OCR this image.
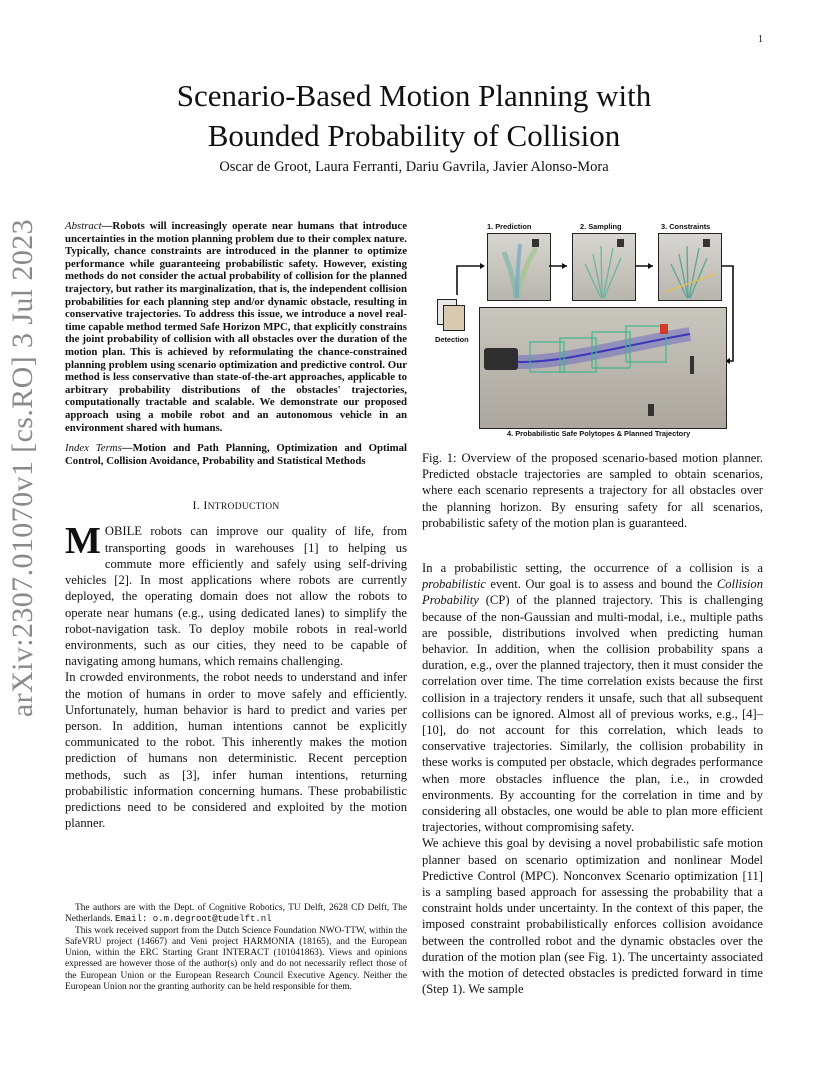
1
arXiv:2307.01070v1 [cs.RO] 3 Jul 2023
Scenario-Based Motion Planning with
Bounded Probability of Collision
Oscar de Groot, Laura Ferranti, Dariu Gavrila, Javier Alonso-Mora
Abstract—Robots will increasingly operate near humans that introduce uncertainties in the motion planning problem due to their complex nature. Typically, chance constraints are introduced in the planner to optimize performance while guaranteeing probabilistic safety. However, existing methods do not consider the actual probability of collision for the planned trajectory, but rather its marginalization, that is, the independent collision probabilities for each planning step and/or dynamic obstacle, resulting in conservative trajectories. To address this issue, we introduce a novel real-time capable method termed Safe Horizon MPC, that explicitly constrains the joint probability of collision with all obstacles over the duration of the motion plan. This is achieved by reformulating the chance-constrained planning problem using scenario optimization and predictive control. Our method is less conservative than state-of-the-art approaches, applicable to arbitrary probability distributions of the obstacles' trajectories, computationally tractable and scalable. We demonstrate our proposed approach using a mobile robot and an autonomous vehicle in an environment shared with humans.
Index Terms—Motion and Path Planning, Optimization and Optimal Control, Collision Avoidance, Probability and Statistical Methods
I. INTRODUCTION

MOBILE robots can improve our quality of life, from transporting goods in warehouses [1] to helping us commute more efficiently and safely using self-driving vehicles [2]. In most applications where robots are currently deployed, the operating domain does not allow the robots to operate near humans (e.g., using dedicated lanes) to simplify the robot-navigation task. To deploy mobile robots in real-world environments, such as our cities, they need to be capable of navigating among humans, which remains challenging.

In crowded environments, the robot needs to understand and infer the motion of humans in order to move safely and efficiently. Unfortunately, human behavior is hard to predict and varies per person. In addition, human intentions cannot be explicitly communicated to the robot. This inherently makes the motion prediction of humans non deterministic. Recent perception methods, such as [3], infer human intentions, returning probabilistic information concerning humans. These probabilistic predictions need to be considered and exploited by the motion planner.

The authors are with the Dept. of Cognitive Robotics, TU Delft, 2628 CD Delft, The Netherlands. Email: o.m.degroot@tudelft.nl

This work received support from the Dutch Science Foundation NWO-TTW, within the SafeVRU project (14667) and Veni project HARMONIA (18165), and the European Union, within the ERC Starting Grant INTERACT (101041863). Views and opinions expressed are however those of the author(s) only and do not necessarily reflect those of the European Union or the European Research Council Executive Agency. Neither the European Union nor the granting authority can be held responsible for them.

1. Prediction	2. Sampling	3. Constraints
Detection
4. Probabilistic Safe Polytopes & Planned Trajectory
Fig. 1: Overview of the proposed scenario-based motion planner. Predicted obstacle trajectories are sampled to obtain scenarios, where each scenario represents a trajectory for all obstacles over the planning horizon. By ensuring safety for all scenarios, probabilistic safety of the motion plan is guaranteed.

In a probabilistic setting, the occurrence of a collision is a probabilistic event. Our goal is to assess and bound the Collision Probability (CP) of the planned trajectory. This is challenging because of the non-Gaussian and multi-modal, i.e., multiple paths are possible, distributions involved when predicting human behavior. In addition, when the collision probability spans a duration, e.g., over the planned trajectory, then it must consider the correlation over time. The time correlation exists because the first collision in a trajectory renders it unsafe, such that all subsequent collisions can be ignored. Almost all of previous works, e.g., [4]–[10], do not account for this correlation, which leads to conservative trajectories. Similarly, the collision probability in these works is computed per obstacle, which degrades performance when more obstacles influence the plan, i.e., in crowded environments. By accounting for the correlation in time and by considering all obstacles, one would be able to plan more efficient trajectories, without compromising safety.

We achieve this goal by devising a novel probabilistic safe motion planner based on scenario optimization and nonlinear Model Predictive Control (MPC). Nonconvex Scenario optimization [11] is a sampling based approach for assessing the probability that a constraint holds under uncertainty. In the context of this paper, the imposed constraint probabilistically enforces collision avoidance between the controlled robot and the dynamic obstacles over the duration of the motion plan (see Fig. 1). The uncertainty associated with the motion of detected obstacles is predicted forward in time (Step 1). We sample
